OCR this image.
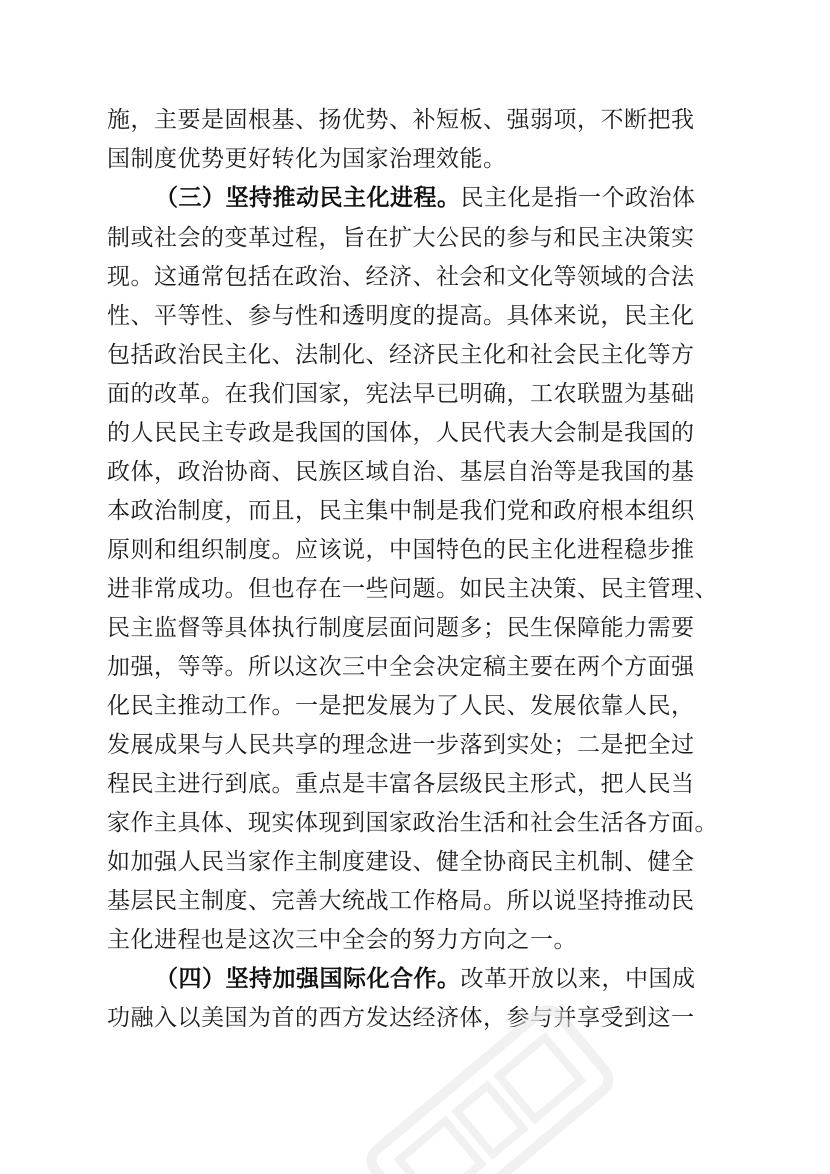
施，主要是固根基、扬优势、补短板、强弱项，不断把我
国制度优势更好转化为国家治理效能。
（三）坚持推动民主化进程。民主化是指一个政治体
制或社会的变革过程，旨在扩大公民的参与和民主决策实
现。这通常包括在政治、经济、社会和文化等领域的合法
性、平等性、参与性和透明度的提高。具体来说，民主化
包括政治民主化、法制化、经济民主化和社会民主化等方
面的改革。在我们国家，宪法早已明确，工农联盟为基础
的人民民主专政是我国的国体，人民代表大会制是我国的
政体，政治协商、民族区域自治、基层自治等是我国的基
本政治制度，而且，民主集中制是我们党和政府根本组织
原则和组织制度。应该说，中国特色的民主化进程稳步推
进非常成功。但也存在一些问题。如民主决策、民主管理、
民主监督等具体执行制度层面问题多；民生保障能力需要
加强，等等。所以这次三中全会决定稿主要在两个方面强
化民主推动工作。一是把发展为了人民、发展依靠人民，
发展成果与人民共享的理念进一步落到实处；二是把全过
程民主进行到底。重点是丰富各层级民主形式，把人民当
家作主具体、现实体现到国家政治生活和社会生活各方面。
如加强人民当家作主制度建设、健全协商民主机制、健全
基层民主制度、完善大统战工作格局。所以说坚持推动民
主化进程也是这次三中全会的努力方向之一。
（四）坚持加强国际化合作。改革开放以来，中国成
功融入以美国为首的西方发达经济体，参与并享受到这一
